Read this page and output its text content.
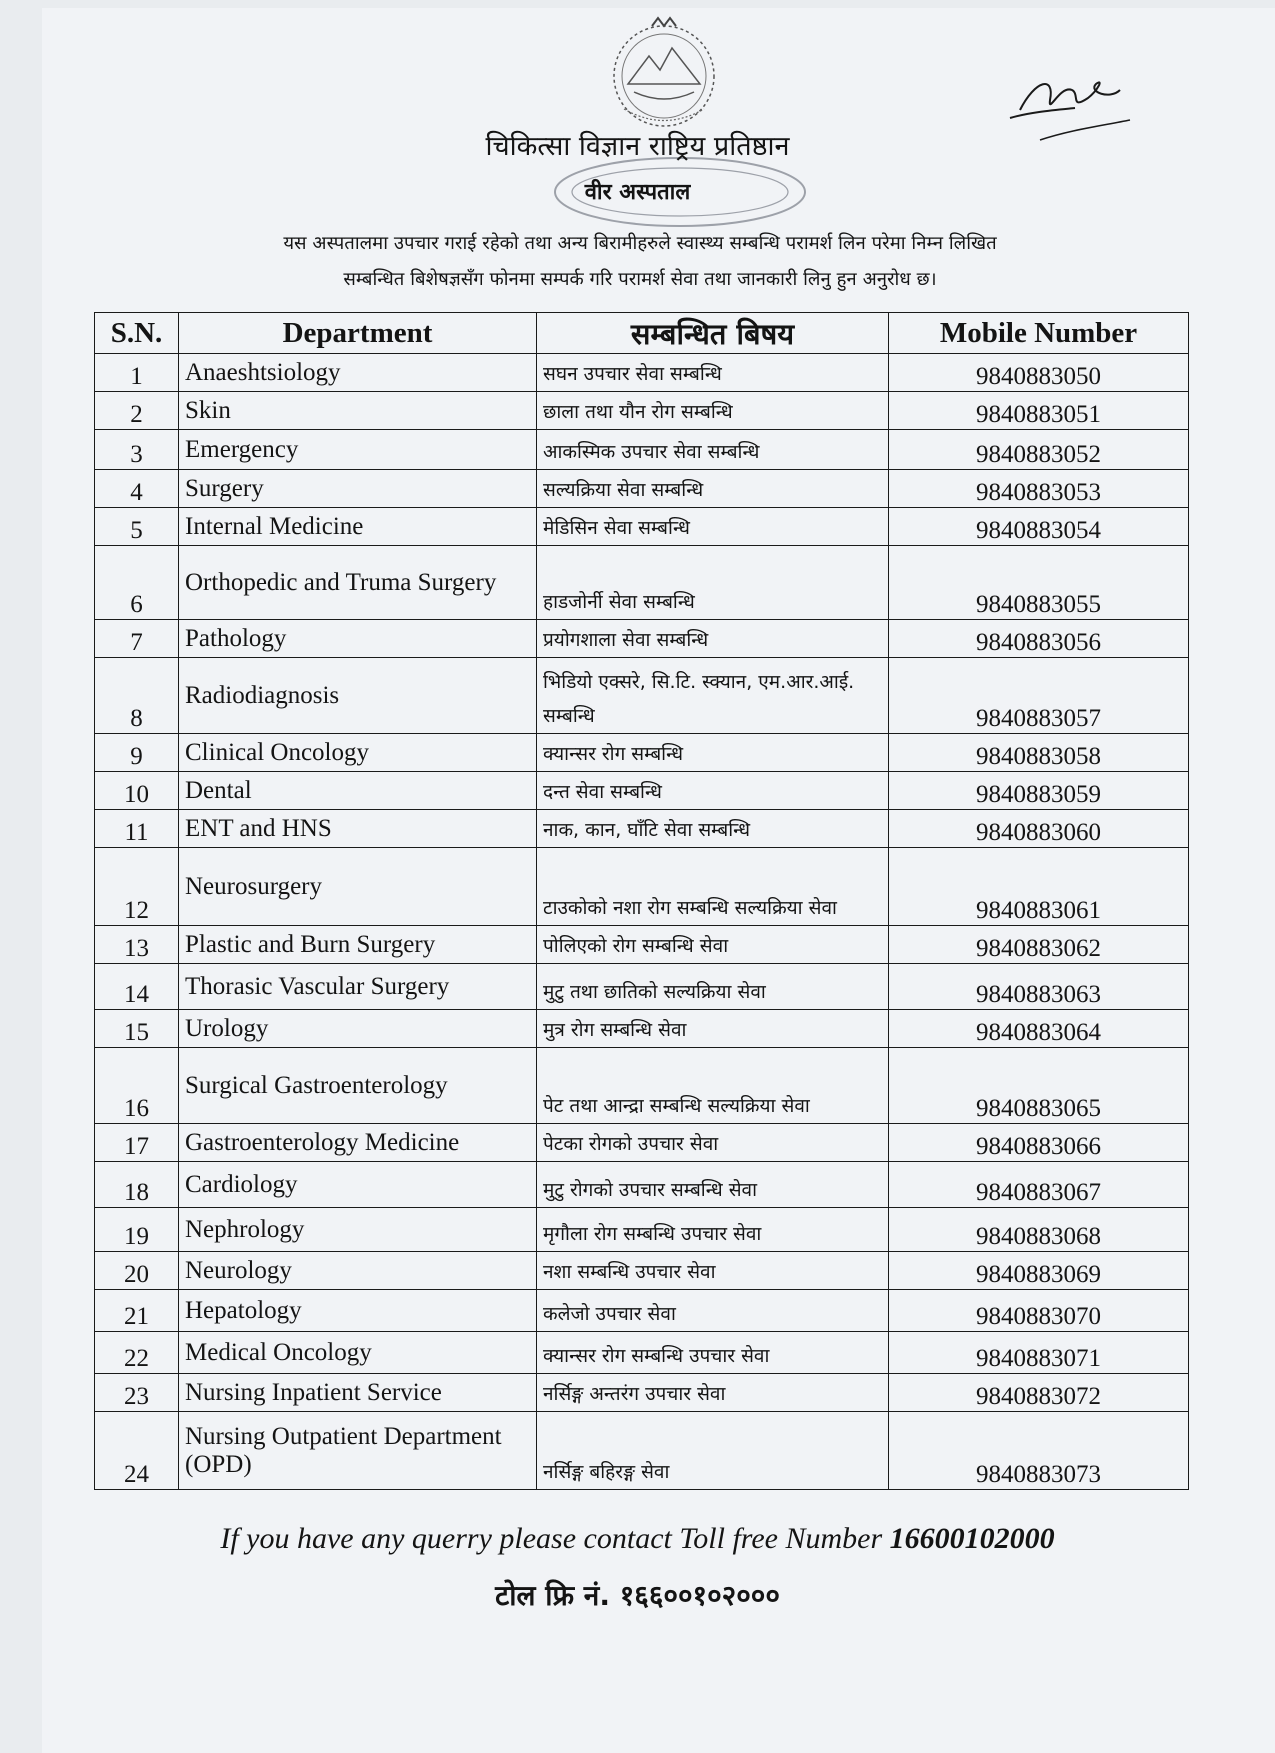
चिकित्सा विज्ञान राष्ट्रिय प्रतिष्ठान
वीर अस्पताल
यस अस्पतालमा उपचार गराई रहेको तथा अन्य बिरामीहरुले स्वास्थ्य सम्बन्धि परामर्श लिन परेमा निम्न लिखित
सम्बन्धित बिशेषज्ञसँग फोनमा सम्पर्क गरि परामर्श सेवा तथा जानकारी लिनु हुन अनुरोध छ।
S.N.	Department	सम्बन्धित बिषय	Mobile Number
1	Anaeshtsiology	सघन उपचार सेवा सम्बन्धि	9840883050
2	Skin	छाला तथा यौन रोग सम्बन्धि	9840883051
3	Emergency	आकस्मिक उपचार सेवा सम्बन्धि	9840883052
4	Surgery	सल्यक्रिया सेवा सम्बन्धि	9840883053
5	Internal Medicine	मेडिसिन सेवा सम्बन्धि	9840883054
6	Orthopedic and Truma Surgery	हाडजोर्नी सेवा सम्बन्धि	9840883055
7	Pathology	प्रयोगशाला सेवा सम्बन्धि	9840883056
8	Radiodiagnosis	भिडियो एक्सरे, सि.टि. स्क्यान, एम.आर.आई. सम्बन्धि	9840883057
9	Clinical Oncology	क्यान्सर रोग सम्बन्धि	9840883058
10	Dental	दन्त सेवा सम्बन्धि	9840883059
11	ENT and HNS	नाक, कान, घाँटि सेवा सम्बन्धि	9840883060
12	Neurosurgery	टाउकोको नशा रोग सम्बन्धि सल्यक्रिया सेवा	9840883061
13	Plastic and Burn Surgery	पोलिएको रोग सम्बन्धि सेवा	9840883062
14	Thorasic Vascular Surgery	मुटु तथा छातिको सल्यक्रिया सेवा	9840883063
15	Urology	मुत्र रोग सम्बन्धि सेवा	9840883064
16	Surgical Gastroenterology	पेट तथा आन्द्रा सम्बन्धि सल्यक्रिया सेवा	9840883065
17	Gastroenterology Medicine	पेटका रोगको उपचार सेवा	9840883066
18	Cardiology	मुटु रोगको उपचार सम्बन्धि सेवा	9840883067
19	Nephrology	मृगौला रोग सम्बन्धि उपचार सेवा	9840883068
20	Neurology	नशा सम्बन्धि उपचार सेवा	9840883069
21	Hepatology	कलेजो उपचार सेवा	9840883070
22	Medical Oncology	क्यान्सर रोग सम्बन्धि उपचार सेवा	9840883071
23	Nursing Inpatient Service	नर्सिङ्ग अन्तरंग उपचार सेवा	9840883072
24	Nursing Outpatient Department (OPD)	नर्सिङ्ग बहिरङ्ग सेवा	9840883073
If you have any querry please contact Toll free Number 16600102000
टोल फ्रि नं. १६६००१०२०००
